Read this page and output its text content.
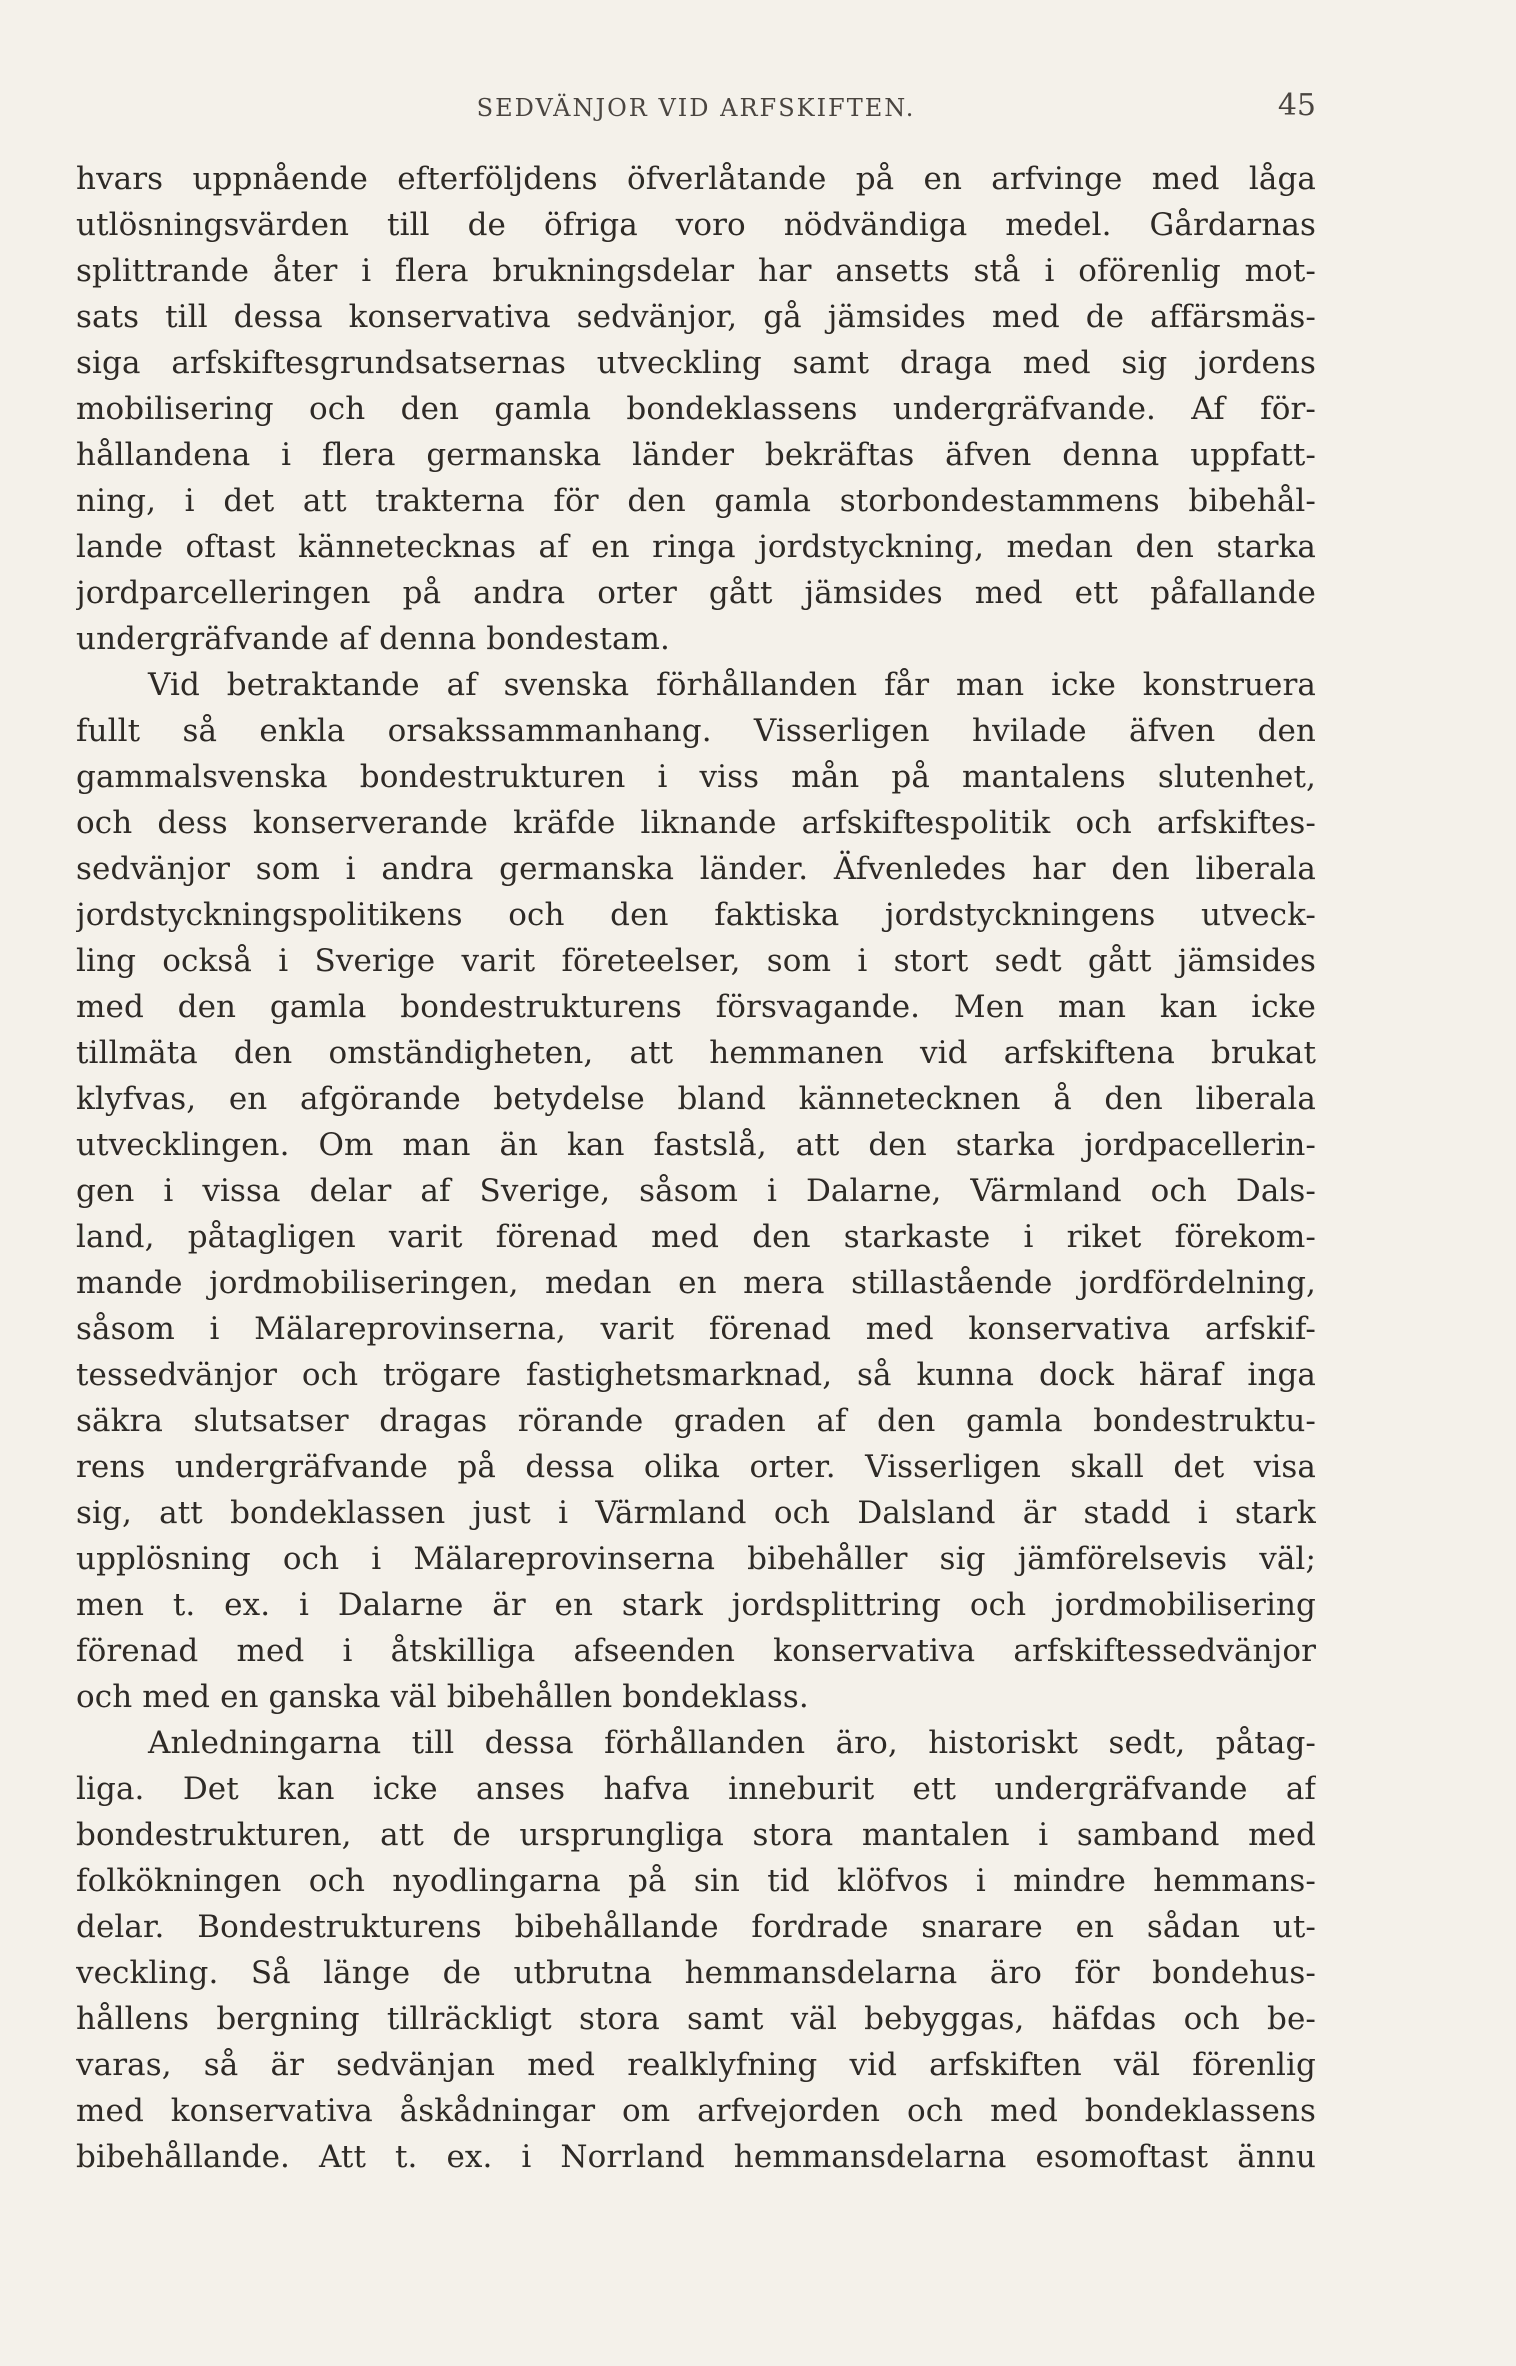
SEDVÄNJOR VID ARFSKIFTEN.	45
hvars uppnående efterföljdens öfverlåtande på en arfvinge med låga
utlösningsvärden till de öfriga voro nödvändiga medel. Gårdarnas
splittrande åter i flera brukningsdelar har ansetts stå i oförenlig mot-
sats till dessa konservativa sedvänjor, gå jämsides med de affärsmäs-
siga arfskiftesgrundsatsernas utveckling samt draga med sig jordens
mobilisering och den gamla bondeklassens undergräfvande. Af för-
hållandena i flera germanska länder bekräftas äfven denna uppfatt-
ning, i det att trakterna för den gamla storbondestammens bibehål-
lande oftast kännetecknas af en ringa jordstyckning, medan den starka
jordparcelleringen på andra orter gått jämsides med ett påfallande
undergräfvande af denna bondestam.
Vid betraktande af svenska förhållanden får man icke konstruera
fullt så enkla orsakssammanhang. Visserligen hvilade äfven den
gammalsvenska bondestrukturen i viss mån på mantalens slutenhet,
och dess konserverande kräfde liknande arfskiftespolitik och arfskiftes-
sedvänjor som i andra germanska länder. Äfvenledes har den liberala
jordstyckningspolitikens och den faktiska jordstyckningens utveck-
ling också i Sverige varit företeelser, som i stort sedt gått jämsides
med den gamla bondestrukturens försvagande. Men man kan icke
tillmäta den omständigheten, att hemmanen vid arfskiftena brukat
klyfvas, en afgörande betydelse bland kännetecknen å den liberala
utvecklingen. Om man än kan fastslå, att den starka jordpacellerin-
gen i vissa delar af Sverige, såsom i Dalarne, Värmland och Dals-
land, påtagligen varit förenad med den starkaste i riket förekom-
mande jordmobiliseringen, medan en mera stillastående jordfördelning,
såsom i Mälareprovinserna, varit förenad med konservativa arfskif-
tessedvänjor och trögare fastighetsmarknad, så kunna dock häraf inga
säkra slutsatser dragas rörande graden af den gamla bondestruktu-
rens undergräfvande på dessa olika orter. Visserligen skall det visa
sig, att bondeklassen just i Värmland och Dalsland är stadd i stark
upplösning och i Mälareprovinserna bibehåller sig jämförelsevis väl;
men t. ex. i Dalarne är en stark jordsplittring och jordmobilisering
förenad med i åtskilliga afseenden konservativa arfskiftessedvänjor
och med en ganska väl bibehållen bondeklass.
Anledningarna till dessa förhållanden äro, historiskt sedt, påtag-
liga. Det kan icke anses hafva inneburit ett undergräfvande af
bondestrukturen, att de ursprungliga stora mantalen i samband med
folkökningen och nyodlingarna på sin tid klöfvos i mindre hemmans-
delar. Bondestrukturens bibehållande fordrade snarare en sådan ut-
veckling. Så länge de utbrutna hemmansdelarna äro för bondehus-
hållens bergning tillräckligt stora samt väl bebyggas, häfdas och be-
varas, så är sedvänjan med realklyfning vid arfskiften väl förenlig
med konservativa åskådningar om arfvejorden och med bondeklassens
bibehållande. Att t. ex. i Norrland hemmansdelarna esomoftast ännu
